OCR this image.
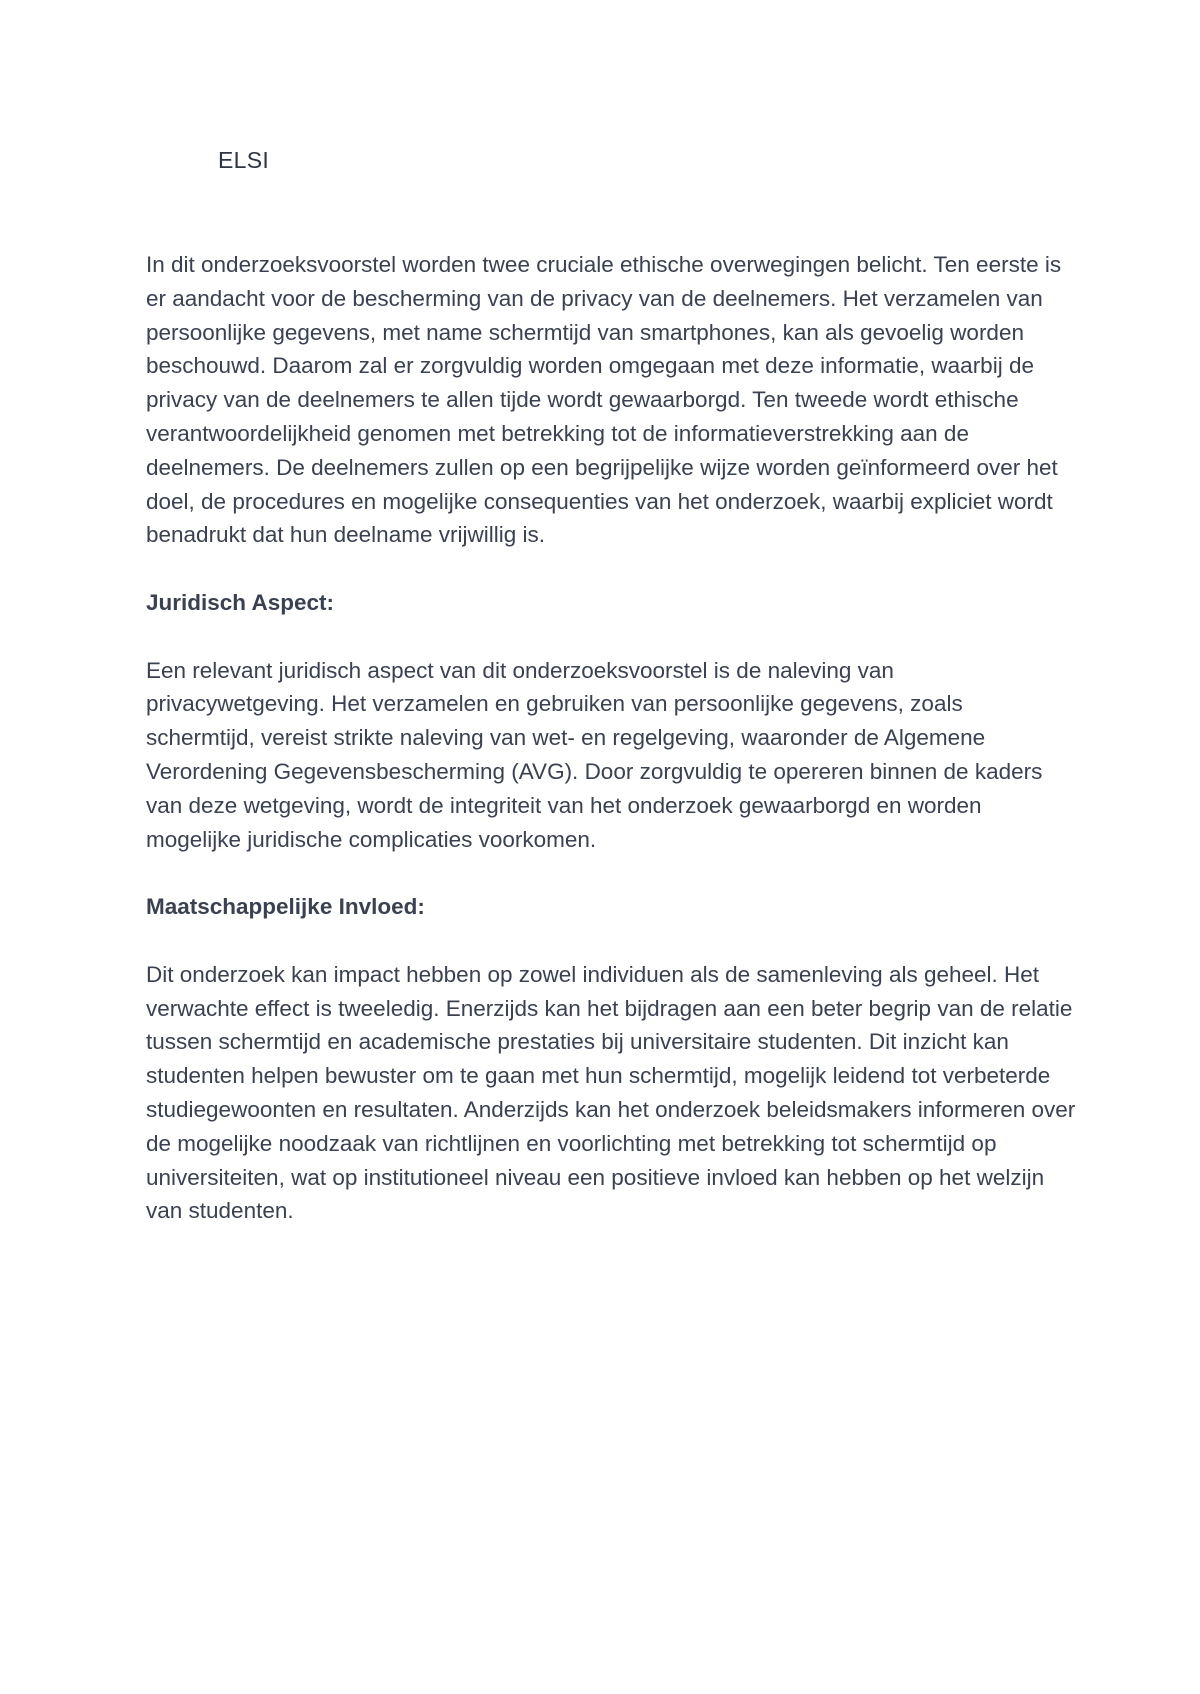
ELSI

In dit onderzoeksvoorstel worden twee cruciale ethische overwegingen belicht. Ten eerste is er aandacht voor de bescherming van de privacy van de deelnemers. Het verzamelen van persoonlijke gegevens, met name schermtijd van smartphones, kan als gevoelig worden beschouwd. Daarom zal er zorgvuldig worden omgegaan met deze informatie, waarbij de privacy van de deelnemers te allen tijde wordt gewaarborgd. Ten tweede wordt ethische verantwoordelijkheid genomen met betrekking tot de informatieverstrekking aan de deelnemers. De deelnemers zullen op een begrijpelijke wijze worden geïnformeerd over het doel, de procedures en mogelijke consequenties van het onderzoek, waarbij expliciet wordt benadrukt dat hun deelname vrijwillig is.

Juridisch Aspect:

Een relevant juridisch aspect van dit onderzoeksvoorstel is de naleving van privacywetgeving. Het verzamelen en gebruiken van persoonlijke gegevens, zoals schermtijd, vereist strikte naleving van wet- en regelgeving, waaronder de Algemene Verordening Gegevensbescherming (AVG). Door zorgvuldig te opereren binnen de kaders van deze wetgeving, wordt de integriteit van het onderzoek gewaarborgd en worden mogelijke juridische complicaties voorkomen.

Maatschappelijke Invloed:

Dit onderzoek kan impact hebben op zowel individuen als de samenleving als geheel. Het verwachte effect is tweeledig. Enerzijds kan het bijdragen aan een beter begrip van de relatie tussen schermtijd en academische prestaties bij universitaire studenten. Dit inzicht kan studenten helpen bewuster om te gaan met hun schermtijd, mogelijk leidend tot verbeterde studiegewoonten en resultaten. Anderzijds kan het onderzoek beleidsmakers informeren over de mogelijke noodzaak van richtlijnen en voorlichting met betrekking tot schermtijd op universiteiten, wat op institutioneel niveau een positieve invloed kan hebben op het welzijn van studenten.
